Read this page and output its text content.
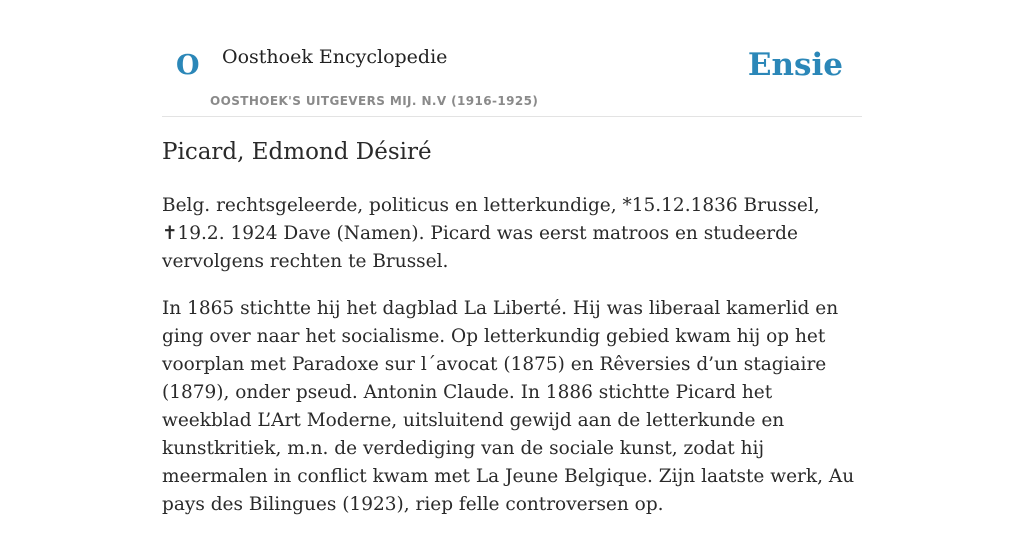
O Oosthoek Encyclopedie
OOSTHOEK'S UITGEVERS MIJ. N.V (1916-1925)
Ensie
Picard, Edmond Désiré

Belg. rechtsgeleerde, politicus en letterkundige, *15.12.1836 Brussel, ✝19.2. 1924 Dave (Namen). Picard was eerst matroos en studeerde vervolgens rechten te Brussel.

In 1865 stichtte hij het dagblad La Liberté. Hij was liberaal kamerlid en ging over naar het socialisme. Op letterkundig gebied kwam hij op het voorplan met Paradoxe sur l´avocat (1875) en Rêversies d’un stagiaire (1879), onder pseud. Antonin Claude. In 1886 stichtte Picard het weekblad L’Art Moderne, uitsluitend gewijd aan de letterkunde en kunstkritiek, m.n. de verdediging van de sociale kunst, zodat hij meermalen in conflict kwam met La Jeune Belgique. Zijn laatste werk, Au pays des Bilingues (1923), riep felle controversen op.
